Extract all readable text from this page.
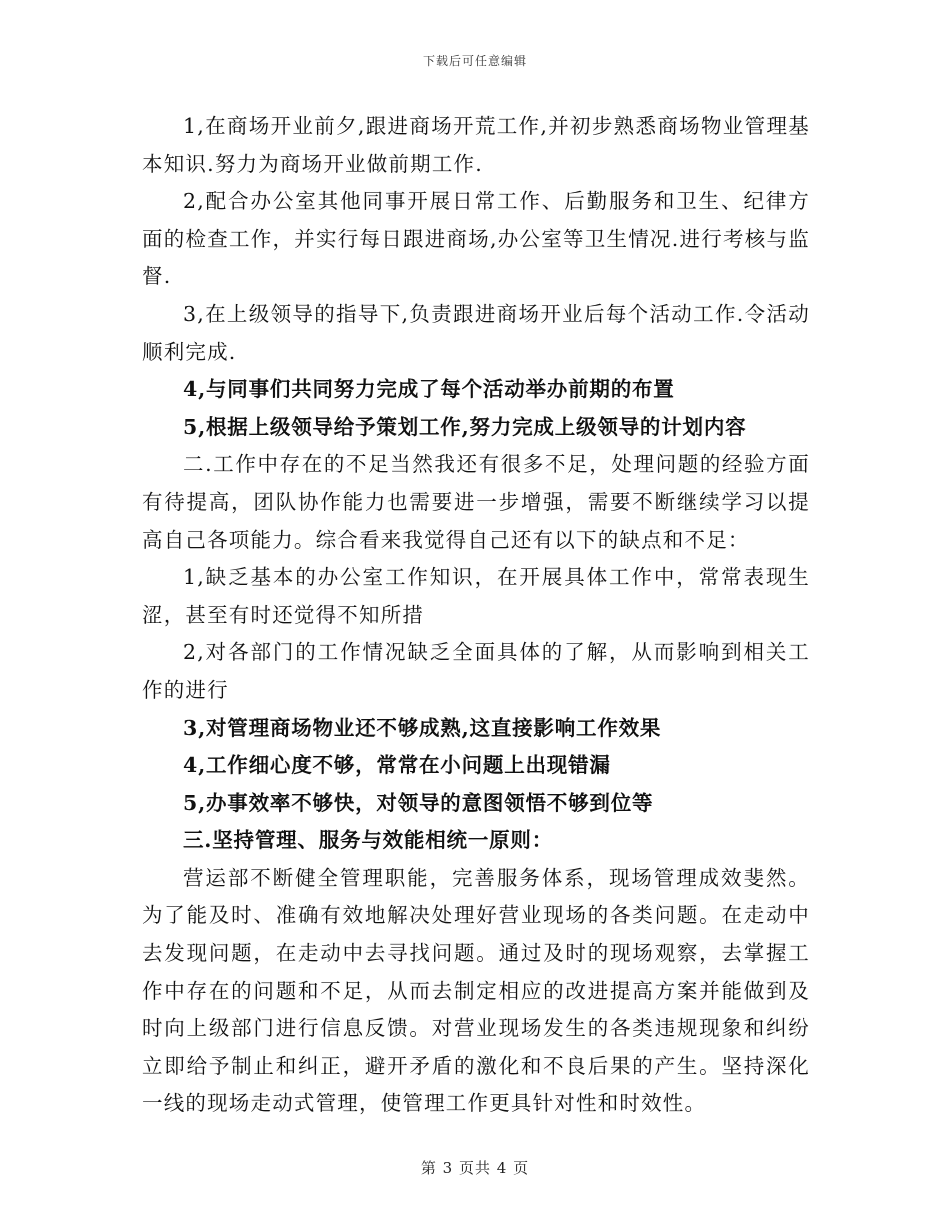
下载后可任意编辑

1,在商场开业前夕,跟进商场开荒工作,并初步熟悉商场物业管理基本知识.努力为商场开业做前期工作.

2,配合办公室其他同事开展日常工作、后勤服务和卫生、纪律方面的检查工作，并实行每日跟进商场,办公室等卫生情况.进行考核与监督.

3,在上级领导的指导下,负责跟进商场开业后每个活动工作.令活动顺利完成.

4,与同事们共同努力完成了每个活动举办前期的布置

5,根据上级领导给予策划工作,努力完成上级领导的计划内容

二.工作中存在的不足当然我还有很多不足，处理问题的经验方面有待提高，团队协作能力也需要进一步增强，需要不断继续学习以提高自己各项能力。综合看来我觉得自己还有以下的缺点和不足：

1,缺乏基本的办公室工作知识，在开展具体工作中，常常表现生涩，甚至有时还觉得不知所措

2,对各部门的工作情况缺乏全面具体的了解，从而影响到相关工作的进行

3,对管理商场物业还不够成熟,这直接影响工作效果

4,工作细心度不够，常常在小问题上出现错漏

5,办事效率不够快，对领导的意图领悟不够到位等

三.坚持管理、服务与效能相统一原则：

营运部不断健全管理职能，完善服务体系，现场管理成效斐然。为了能及时、准确有效地解决处理好营业现场的各类问题。在走动中去发现问题，在走动中去寻找问题。通过及时的现场观察，去掌握工作中存在的问题和不足，从而去制定相应的改进提高方案并能做到及时向上级部门进行信息反馈。对营业现场发生的各类违规现象和纠纷立即给予制止和纠正，避开矛盾的激化和不良后果的产生。坚持深化一线的现场走动式管理，使管理工作更具针对性和时效性。

第 3 页共 4 页
